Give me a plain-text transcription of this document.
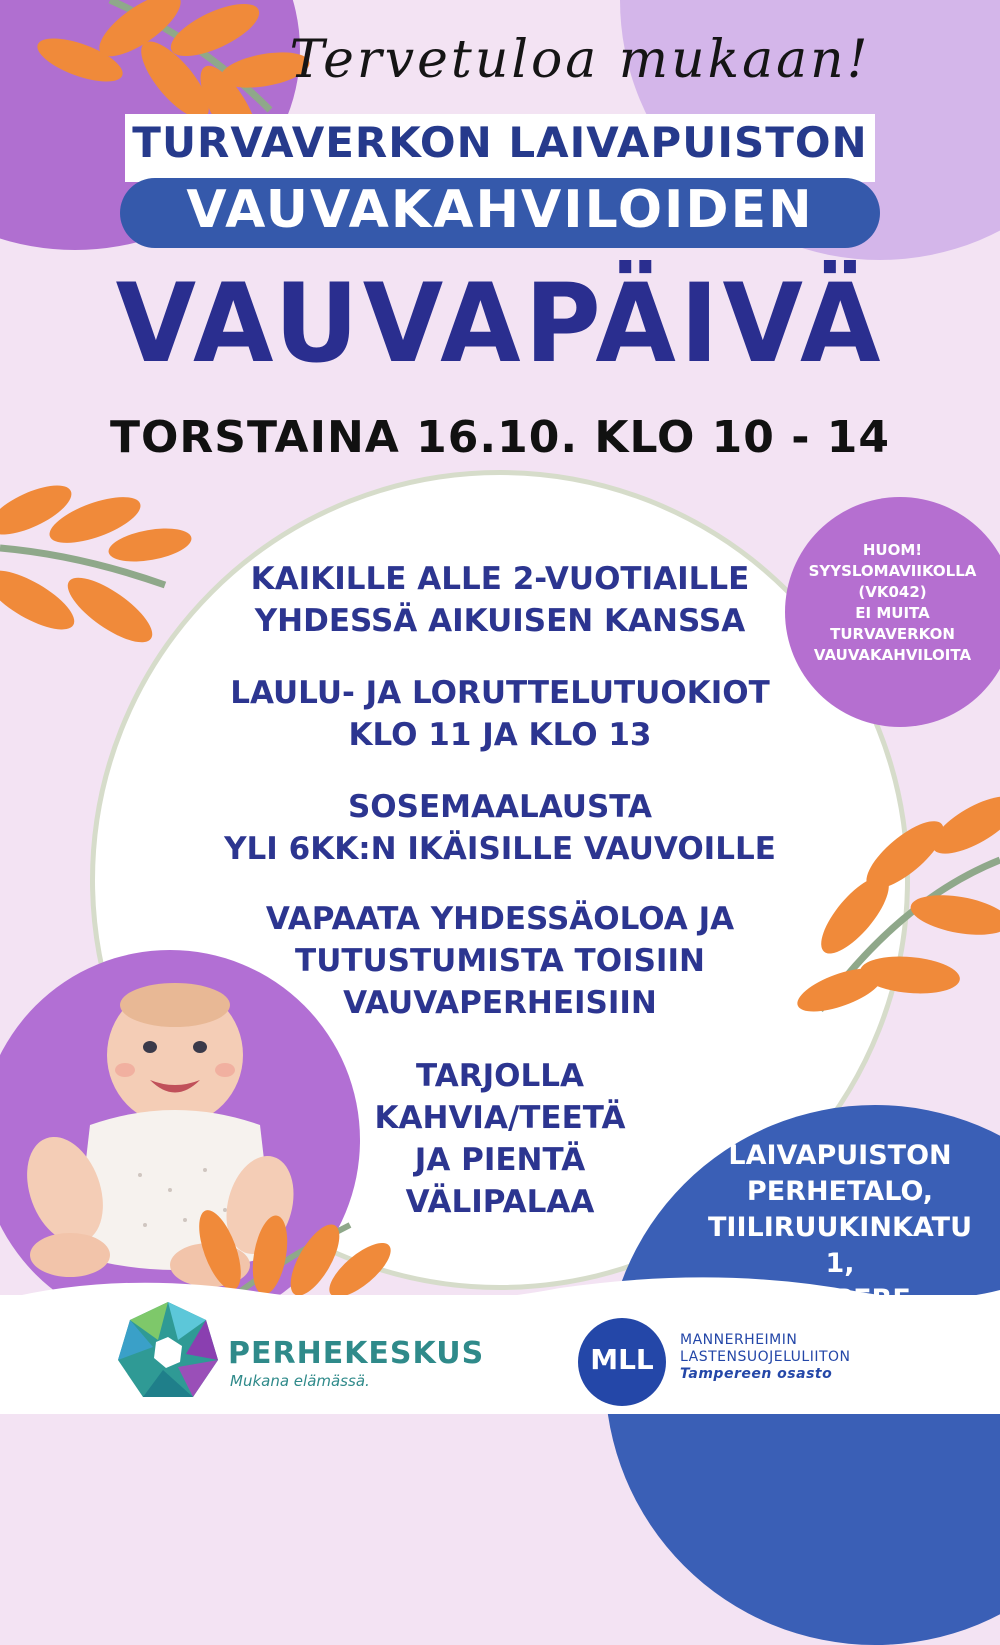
Tervetuloa mukaan!
TURVAVERKON LAIVAPUISTON
VAUVAKAHVILOIDEN
VAUVAPÄIVÄ
TORSTAINA 16.10. KLO 10 - 14
KAIKILLE ALLE 2-VUOTIAILLE
YHDESSÄ AIKUISEN KANSSA
LAULU- JA LORUTTELUTUOKIOT
KLO 11 JA KLO 13
SOSEMAALAUSTA
YLI 6KK:N IKÄISILLE VAUVOILLE
VAPAATA YHDESSÄOLOA JA
TUTUSTUMISTA TOISIIN
VAUVAPERHEISIIN
TARJOLLA
KAHVIA/TEETÄ
JA PIENTÄ
VÄLIPALAA
HUOM!
SYYSLOMAVIIKOLLA
(VK042)
EI MUITA
TURVAVERKON
VAUVAKAHVILOITA
LAIVAPUISTON
PERHETALO,
TIILIRUUKINKATU 1,
PERHEKESKUS
Mukana elämässä.
MLL
MANNERHEIMIN
LASTENSUOJELULIITON
Tampereen osasto
